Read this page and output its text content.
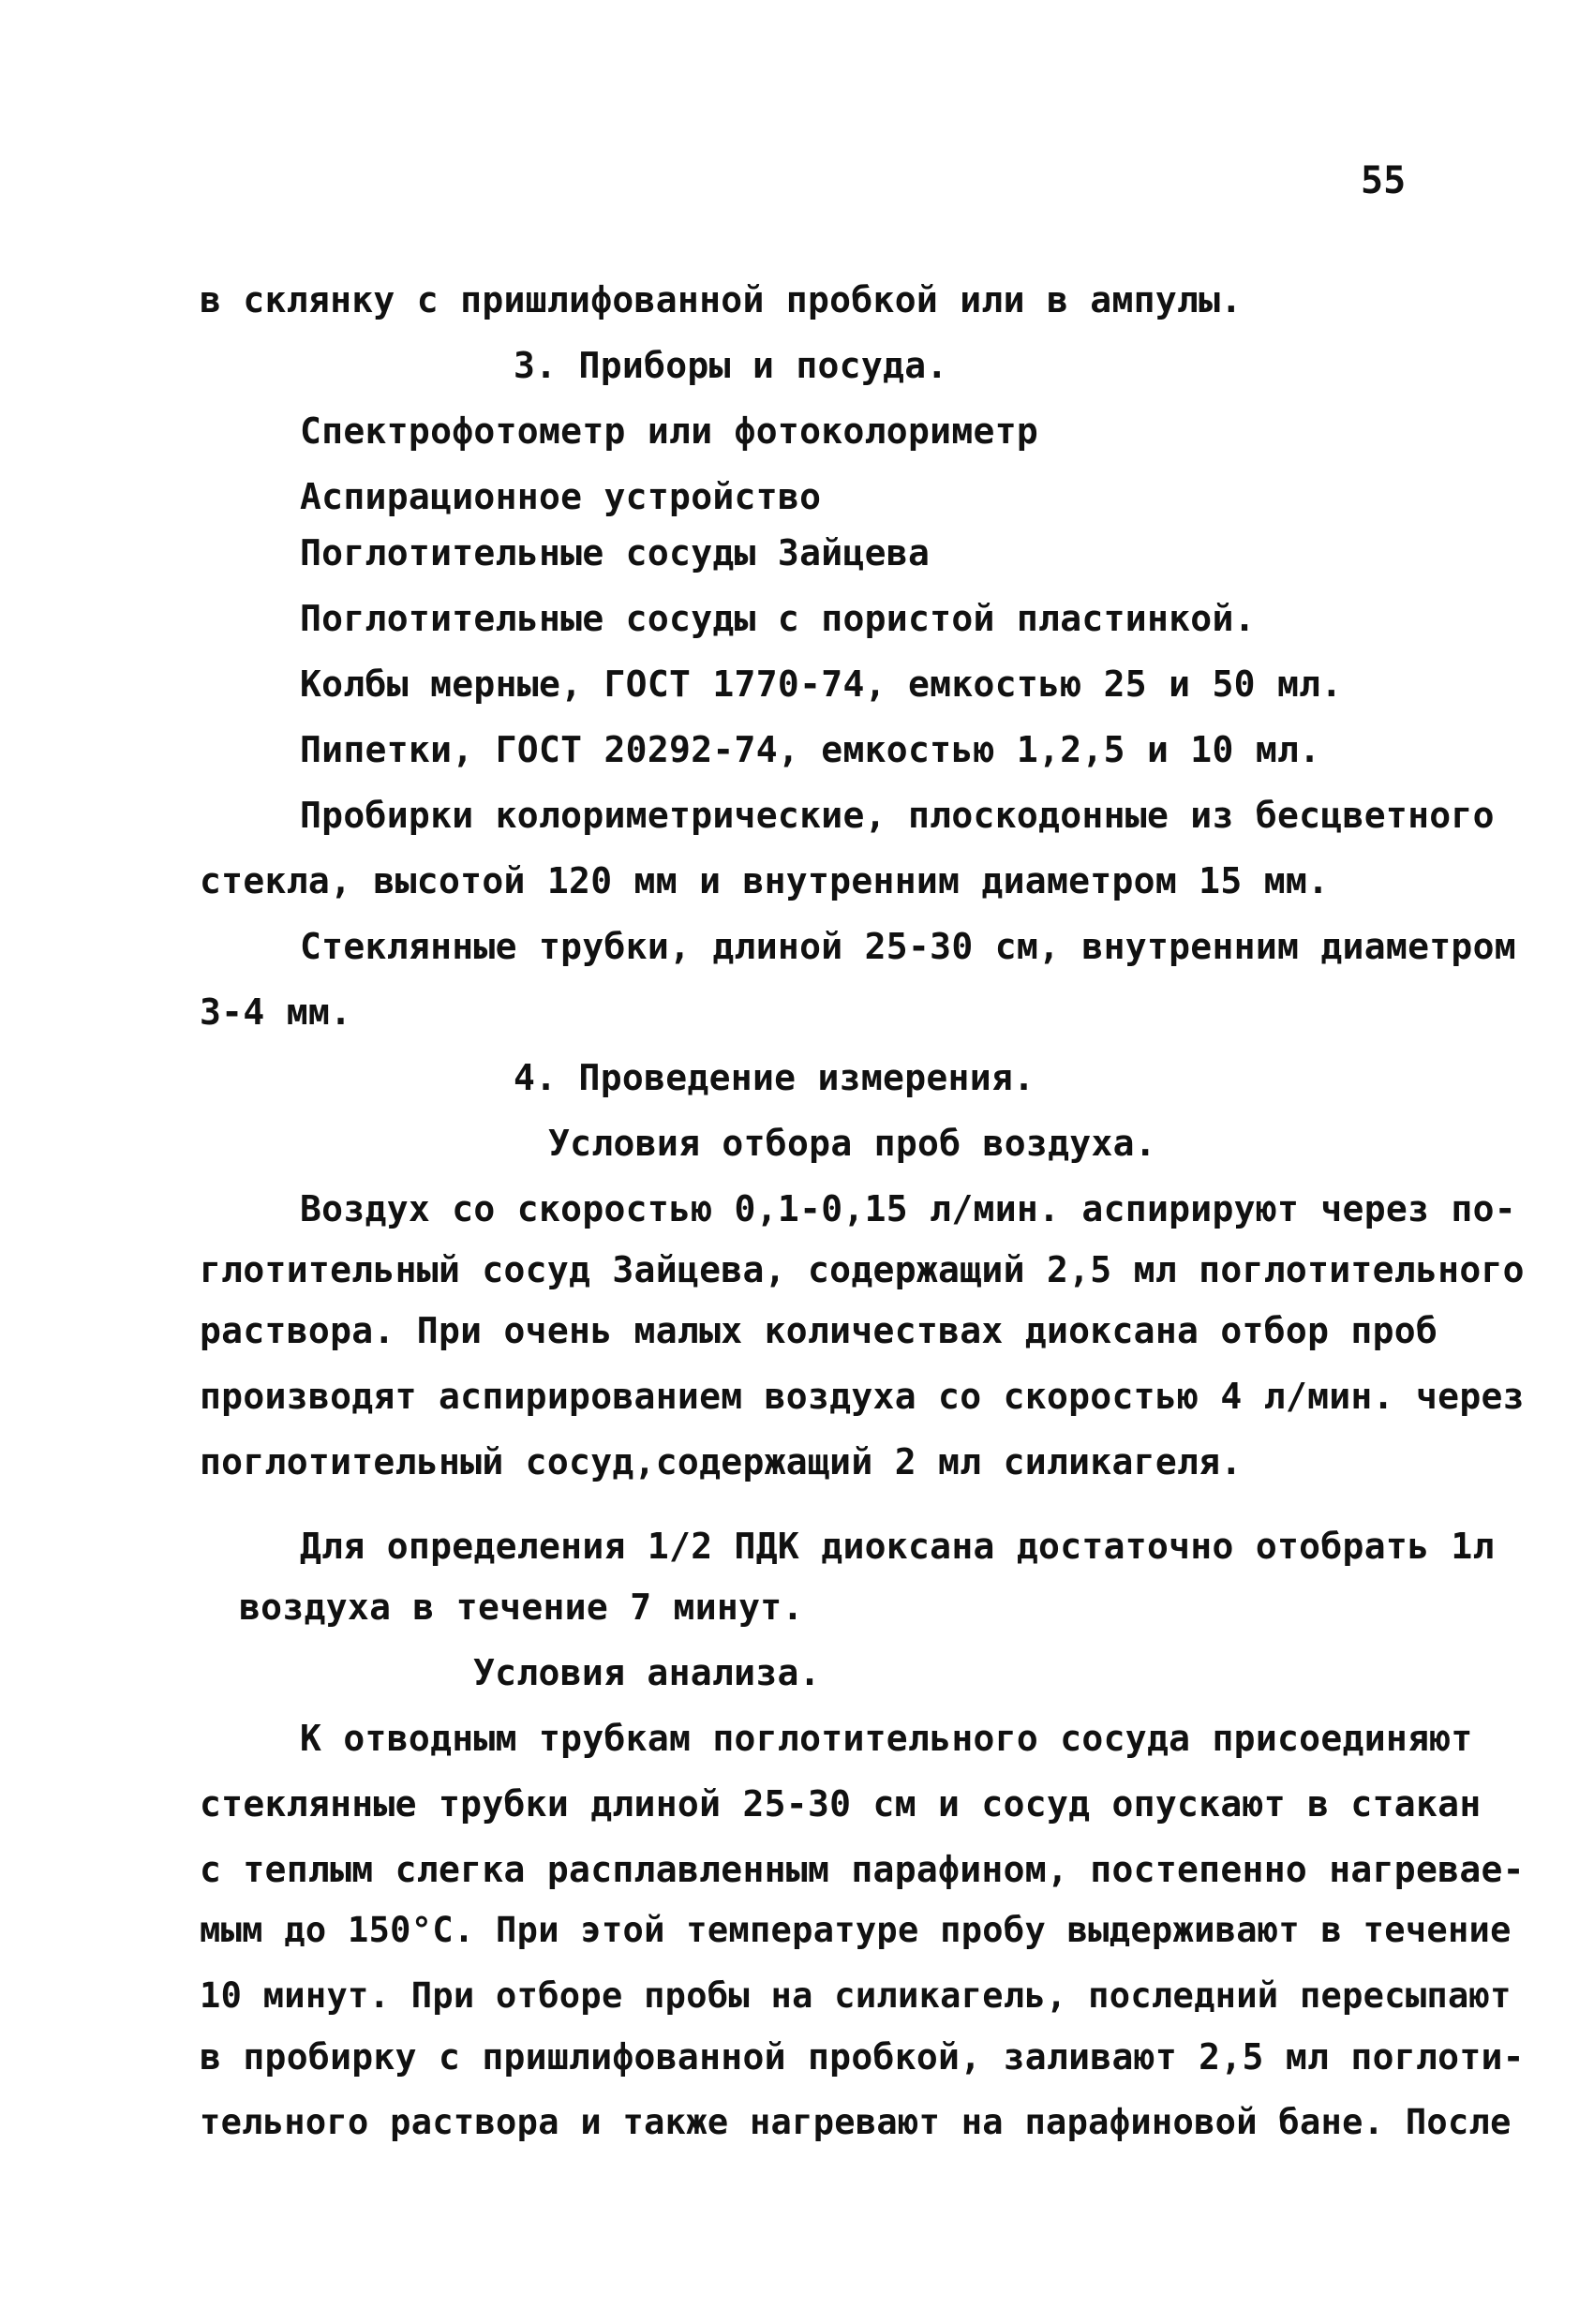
55
в склянку с пришлифованной пробкой или в ампулы.
3. Приборы и посуда.
Спектрофотометр или фотоколориметр
Аспирационное устройство
Поглотительные сосуды Зайцева
Поглотительные сосуды с пористой пластинкой.
Колбы мерные, ГОСТ 1770-74, емкостью 25 и 50 мл.
Пипетки, ГОСТ 20292-74, емкостью 1,2,5 и 10 мл.
Пробирки колориметрические, плоскодонные из бесцветного
стекла, высотой 120 мм и внутренним диаметром 15 мм.
Стеклянные трубки, длиной 25-30 см, внутренним диаметром
3-4 мм.
4. Проведение измерения.
Условия отбора проб воздуха.
Воздух со скоростью 0,1-0,15 л/мин. аспирируют через по-
глотительный сосуд Зайцева, содержащий 2,5 мл поглотительного
раствора. При очень малых количествах диоксана отбор проб
производят аспирированием воздуха со скоростью 4 л/мин. через
поглотительный сосуд,содержащий 2 мл силикагеля.
Для определения 1/2 ПДК диоксана достаточно отобрать 1л
воздуха в течение 7 минут.
Условия анализа.
К отводным трубкам поглотительного сосуда присоединяют
стеклянные трубки длиной 25-30 см и сосуд опускают в стакан
с теплым слегка расплавленным парафином, постепенно нагревае-
мым до 150°С. При этой температуре пробу выдерживают в течение
10 минут. При отборе пробы на силикагель, последний пересыпают
в пробирку с пришлифованной пробкой, заливают 2,5 мл поглоти-
тельного раствора и также нагревают на парафиновой бане. После
